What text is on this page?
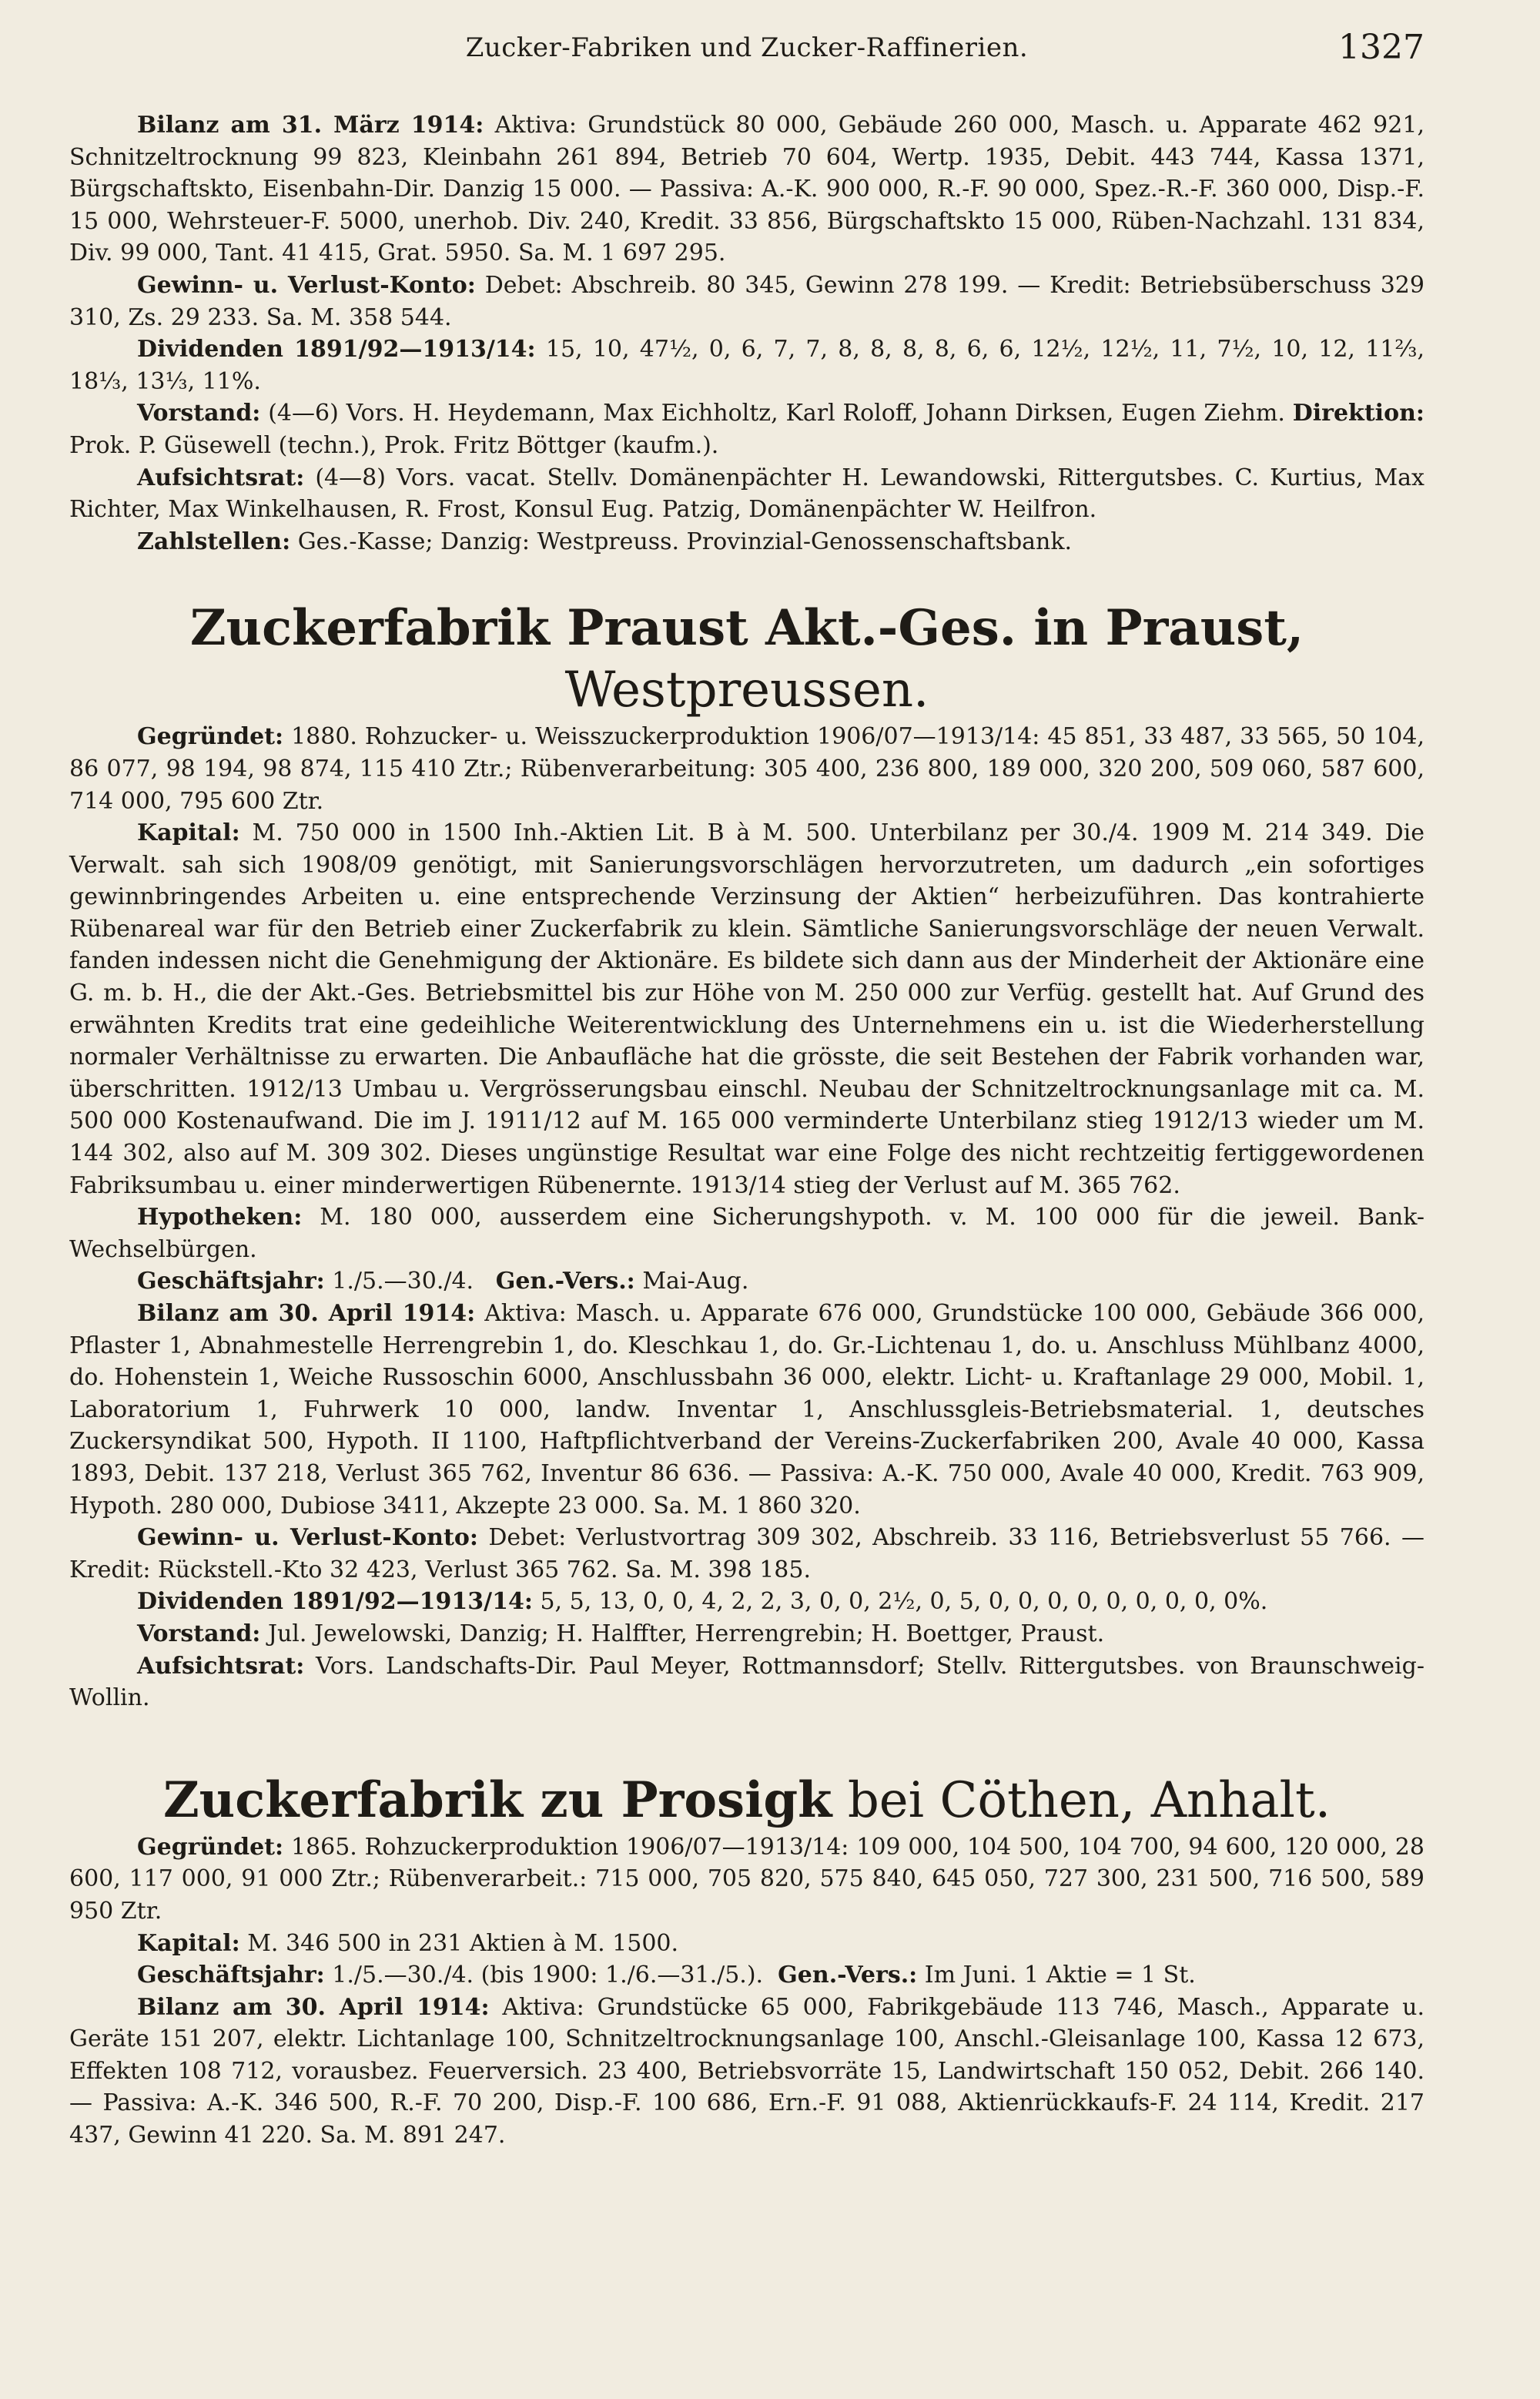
Zucker-Fabriken und Zucker-Raffinerien.	1327

Bilanz am 31. März 1914: Aktiva: Grundstück 80 000, Gebäude 260 000, Masch. u. Apparate 462 921, Schnitzeltrocknung 99 823, Kleinbahn 261 894, Betrieb 70 604, Wertp. 1935, Debit. 443 744, Kassa 1371, Bürgschaftskto, Eisenbahn-Dir. Danzig 15 000. — Passiva: A.-K. 900 000, R.-F. 90 000, Spez.-R.-F. 360 000, Disp.-F. 15 000, Wehrsteuer-F. 5000, unerhob. Div. 240, Kredit. 33 856, Bürgschaftskto 15 000, Rüben-Nachzahl. 131 834, Div. 99 000, Tant. 41 415, Grat. 5950. Sa. M. 1 697 295.

Gewinn- u. Verlust-Konto: Debet: Abschreib. 80 345, Gewinn 278 199. — Kredit: Betriebsüberschuss 329 310, Zs. 29 233. Sa. M. 358 544.

Dividenden 1891/92—1913/14: 15, 10, 47½, 0, 6, 7, 7, 8, 8, 8, 8, 6, 6, 12½, 12½, 11, 7½, 10, 12, 11⅔, 18⅓, 13⅓, 11%.

Vorstand: (4—6) Vors. H. Heydemann, Max Eichholtz, Karl Roloff, Johann Dirksen, Eugen Ziehm. Direktion: Prok. P. Güsewell (techn.), Prok. Fritz Böttger (kaufm.).

Aufsichtsrat: (4—8) Vors. vacat. Stellv. Domänenpächter H. Lewandowski, Rittergutsbes. C. Kurtius, Max Richter, Max Winkelhausen, R. Frost, Konsul Eug. Patzig, Domänenpächter W. Heilfron.

Zahlstellen: Ges.-Kasse; Danzig: Westpreuss. Provinzial-Genossenschaftsbank.

Zuckerfabrik Praust Akt.-Ges. in Praust, Westpreussen.

Gegründet: 1880. Rohzucker- u. Weisszuckerproduktion 1906/07—1913/14: 45 851, 33 487, 33 565, 50 104, 86 077, 98 194, 98 874, 115 410 Ztr.; Rübenverarbeitung: 305 400, 236 800, 189 000, 320 200, 509 060, 587 600, 714 000, 795 600 Ztr.

Kapital: M. 750 000 in 1500 Inh.-Aktien Lit. B à M. 500. Unterbilanz per 30./4. 1909 M. 214 349. Die Verwalt. sah sich 1908/09 genötigt, mit Sanierungsvorschlägen hervorzutreten, um dadurch „ein sofortiges gewinnbringendes Arbeiten u. eine entsprechende Verzinsung der Aktien“ herbeizuführen. Das kontrahierte Rübenareal war für den Betrieb einer Zuckerfabrik zu klein. Sämtliche Sanierungsvorschläge der neuen Verwalt. fanden indessen nicht die Genehmigung der Aktionäre. Es bildete sich dann aus der Minderheit der Aktionäre eine G. m. b. H., die der Akt.-Ges. Betriebsmittel bis zur Höhe von M. 250 000 zur Verfüg. gestellt hat. Auf Grund des erwähnten Kredits trat eine gedeihliche Weiterentwicklung des Unternehmens ein u. ist die Wiederherstellung normaler Verhältnisse zu erwarten. Die Anbaufläche hat die grösste, die seit Bestehen der Fabrik vorhanden war, überschritten. 1912/13 Umbau u. Vergrösserungsbau einschl. Neubau der Schnitzeltrocknungsanlage mit ca. M. 500 000 Kostenaufwand. Die im J. 1911/12 auf M. 165 000 verminderte Unterbilanz stieg 1912/13 wieder um M. 144 302, also auf M. 309 302. Dieses ungünstige Resultat war eine Folge des nicht rechtzeitig fertiggewordenen Fabriksumbau u. einer minderwertigen Rübenernte. 1913/14 stieg der Verlust auf M. 365 762.

Hypotheken: M. 180 000, ausserdem eine Sicherungshypoth. v. M. 100 000 für die jeweil. Bank-Wechselbürgen.

Geschäftsjahr: 1./5.—30./4. Gen.-Vers.: Mai-Aug.

Bilanz am 30. April 1914: Aktiva: Masch. u. Apparate 676 000, Grundstücke 100 000, Gebäude 366 000, Pflaster 1, Abnahmestelle Herrengrebin 1, do. Kleschkau 1, do. Gr.-Lichtenau 1, do. u. Anschluss Mühlbanz 4000, do. Hohenstein 1, Weiche Russoschin 6000, Anschlussbahn 36 000, elektr. Licht- u. Kraftanlage 29 000, Mobil. 1, Laboratorium 1, Fuhrwerk 10 000, landw. Inventar 1, Anschlussgleis-Betriebsmaterial. 1, deutsches Zuckersyndikat 500, Hypoth. II 1100, Haftpflichtverband der Vereins-Zuckerfabriken 200, Avale 40 000, Kassa 1893, Debit. 137 218, Verlust 365 762, Inventur 86 636. — Passiva: A.-K. 750 000, Avale 40 000, Kredit. 763 909, Hypoth. 280 000, Dubiose 3411, Akzepte 23 000. Sa. M. 1 860 320.

Gewinn- u. Verlust-Konto: Debet: Verlustvortrag 309 302, Abschreib. 33 116, Betriebsverlust 55 766. — Kredit: Rückstell.-Kto 32 423, Verlust 365 762. Sa. M. 398 185.

Dividenden 1891/92—1913/14: 5, 5, 13, 0, 0, 4, 2, 2, 3, 0, 0, 2½, 0, 5, 0, 0, 0, 0, 0, 0, 0, 0, 0%.

Vorstand: Jul. Jewelowski, Danzig; H. Halffter, Herrengrebin; H. Boettger, Praust.

Aufsichtsrat: Vors. Landschafts-Dir. Paul Meyer, Rottmannsdorf; Stellv. Rittergutsbes. von Braunschweig-Wollin.

Zuckerfabrik zu Prosigk bei Cöthen, Anhalt.

Gegründet: 1865. Rohzuckerproduktion 1906/07—1913/14: 109 000, 104 500, 104 700, 94 600, 120 000, 28 600, 117 000, 91 000 Ztr.; Rübenverarbeit.: 715 000, 705 820, 575 840, 645 050, 727 300, 231 500, 716 500, 589 950 Ztr.

Kapital: M. 346 500 in 231 Aktien à M. 1500.

Geschäftsjahr: 1./5.—30./4. (bis 1900: 1./6.—31./5.). Gen.-Vers.: Im Juni. 1 Aktie = 1 St.

Bilanz am 30. April 1914: Aktiva: Grundstücke 65 000, Fabrikgebäude 113 746, Masch., Apparate u. Geräte 151 207, elektr. Lichtanlage 100, Schnitzeltrocknungsanlage 100, Anschl.-Gleisanlage 100, Kassa 12 673, Effekten 108 712, vorausbez. Feuerversich. 23 400, Betriebsvorräte 15, Landwirtschaft 150 052, Debit. 266 140. — Passiva: A.-K. 346 500, R.-F. 70 200, Disp.-F. 100 686, Ern.-F. 91 088, Aktienrückkaufs-F. 24 114, Kredit. 217 437, Gewinn 41 220. Sa. M. 891 247.
